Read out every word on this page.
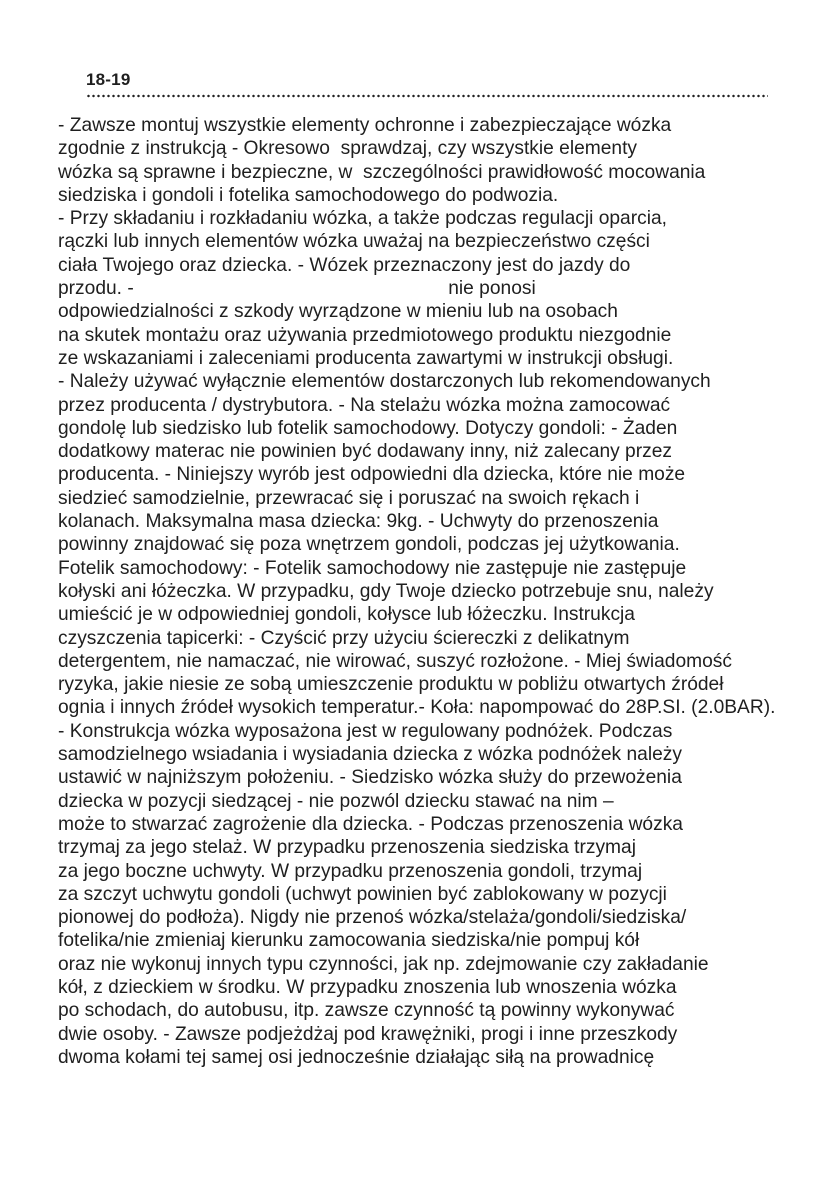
18-19
- Zawsze montuj wszystkie elementy ochronne i zabezpieczające wózka
zgodnie z instrukcją - Okresowo  sprawdzaj, czy wszystkie elementy
wózka są sprawne i bezpieczne, w  szczególności prawidłowość mocowania
siedziska i gondoli i fotelika samochodowego do podwozia.
- Przy składaniu i rozkładaniu wózka, a także podczas regulacji oparcia,
rączki lub innych elementów wózka uważaj na bezpieczeństwo części
ciała Twojego oraz dziecka. - Wózek przeznaczony jest do jazdy do
przodu. -                                                           nie ponosi
odpowiedzialności z szkody wyrządzone w mieniu lub na osobach
na skutek montażu oraz używania przedmiotowego produktu niezgodnie
ze wskazaniami i zaleceniami producenta zawartymi w instrukcji obsługi.
- Należy używać wyłącznie elementów dostarczonych lub rekomendowanych
przez producenta / dystrybutora. - Na stelażu wózka można zamocować
gondolę lub siedzisko lub fotelik samochodowy. Dotyczy gondoli: - Żaden
dodatkowy materac nie powinien być dodawany inny, niż zalecany przez
producenta. - Niniejszy wyrób jest odpowiedni dla dziecka, które nie może
siedzieć samodzielnie, przewracać się i poruszać na swoich rękach i
kolanach. Maksymalna masa dziecka: 9kg. - Uchwyty do przenoszenia
powinny znajdować się poza wnętrzem gondoli, podczas jej użytkowania.
Fotelik samochodowy: - Fotelik samochodowy nie zastępuje nie zastępuje
kołyski ani łóżeczka. W przypadku, gdy Twoje dziecko potrzebuje snu, należy
umieścić je w odpowiedniej gondoli, kołysce lub łóżeczku. Instrukcja
czyszczenia tapicerki: - Czyścić przy użyciu ściereczki z delikatnym
detergentem, nie namaczać, nie wirować, suszyć rozłożone. - Miej świadomość
ryzyka, jakie niesie ze sobą umieszczenie produktu w pobliżu otwartych źródeł
ognia i innych źródeł wysokich temperatur.- Koła: napompować do 28P.SI. (2.0BAR).
- Konstrukcja wózka wyposażona jest w regulowany podnóżek. Podczas
samodzielnego wsiadania i wysiadania dziecka z wózka podnóżek należy
ustawić w najniższym położeniu. - Siedzisko wózka służy do przewożenia
dziecka w pozycji siedzącej - nie pozwól dziecku stawać na nim –
może to stwarzać zagrożenie dla dziecka. - Podczas przenoszenia wózka
trzymaj za jego stelaż. W przypadku przenoszenia siedziska trzymaj
za jego boczne uchwyty. W przypadku przenoszenia gondoli, trzymaj
za szczyt uchwytu gondoli (uchwyt powinien być zablokowany w pozycji
pionowej do podłoża). Nigdy nie przenoś wózka/stelaża/gondoli/siedziska/
fotelika/nie zmieniaj kierunku zamocowania siedziska/nie pompuj kół
oraz nie wykonuj innych typu czynności, jak np. zdejmowanie czy zakładanie
kół, z dzieckiem w środku. W przypadku znoszenia lub wnoszenia wózka
po schodach, do autobusu, itp. zawsze czynność tą powinny wykonywać
dwie osoby. - Zawsze podjeżdżaj pod krawężniki, progi i inne przeszkody
dwoma kołami tej samej osi jednocześnie działając siłą na prowadnicę
